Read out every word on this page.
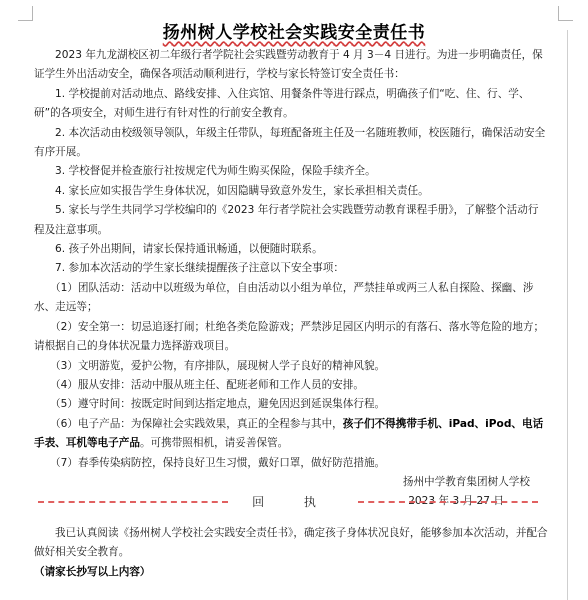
扬州树人学校社会实践安全责任书

2023 年九龙湖校区初二年级行者学院社会实践暨劳动教育于 4 月 3－4 日进行。为进一步明确责任，保证学生外出活动安全，确保各项活动顺利进行，学校与家长特签订安全责任书：

1. 学校提前对活动地点、路线安排、入住宾馆、用餐条件等进行踩点，明确孩子们“吃、住、行、学、研”的各项安全，对师生进行有针对性的行前安全教育。

2. 本次活动由校级领导领队，年级主任带队，每班配备班主任及一名随班教师，校医随行，确保活动安全有序开展。

3. 学校督促并检查旅行社按规定代为师生购买保险，保险手续齐全。

4. 家长应如实报告学生身体状况，如因隐瞒导致意外发生，家长承担相关责任。

5. 家长与学生共同学习学校编印的《2023 年行者学院社会实践暨劳动教育课程手册》，了解整个活动行程及注意事项。

6. 孩子外出期间，请家长保持通讯畅通，以便随时联系。

7. 参加本次活动的学生家长继续提醒孩子注意以下安全事项：

（1）团队活动：活动中以班级为单位，自由活动以小组为单位，严禁挂单或两三人私自探险、探幽、涉水、走远等；

（2）安全第一：切忌追逐打闹；杜绝各类危险游戏；严禁涉足园区内明示的有落石、落水等危险的地方；请根据自己的身体状况量力选择游戏项目。

（3）文明游览，爱护公物，有序排队，展现树人学子良好的精神风貌。

（4）服从安排：活动中服从班主任、配班老师和工作人员的安排。

（5）遵守时间：按既定时间到达指定地点，避免因迟到延误集体行程。

（6）电子产品：为保障社会实践效果，真正的全程参与其中，孩子们不得携带手机、iPad、iPod、电话手表、耳机等电子产品。可携带照相机，请妥善保管。

（7）春季传染病防控，保持良好卫生习惯，戴好口罩，做好防范措施。

扬州中学教育集团树人学校

2023 年 3 月 27 日

回 执

我已认真阅读《扬州树人学校社会实践安全责任书》，确定孩子身体状况良好，能够参加本次活动，并配合做好相关安全教育。

（请家长抄写以上内容）
